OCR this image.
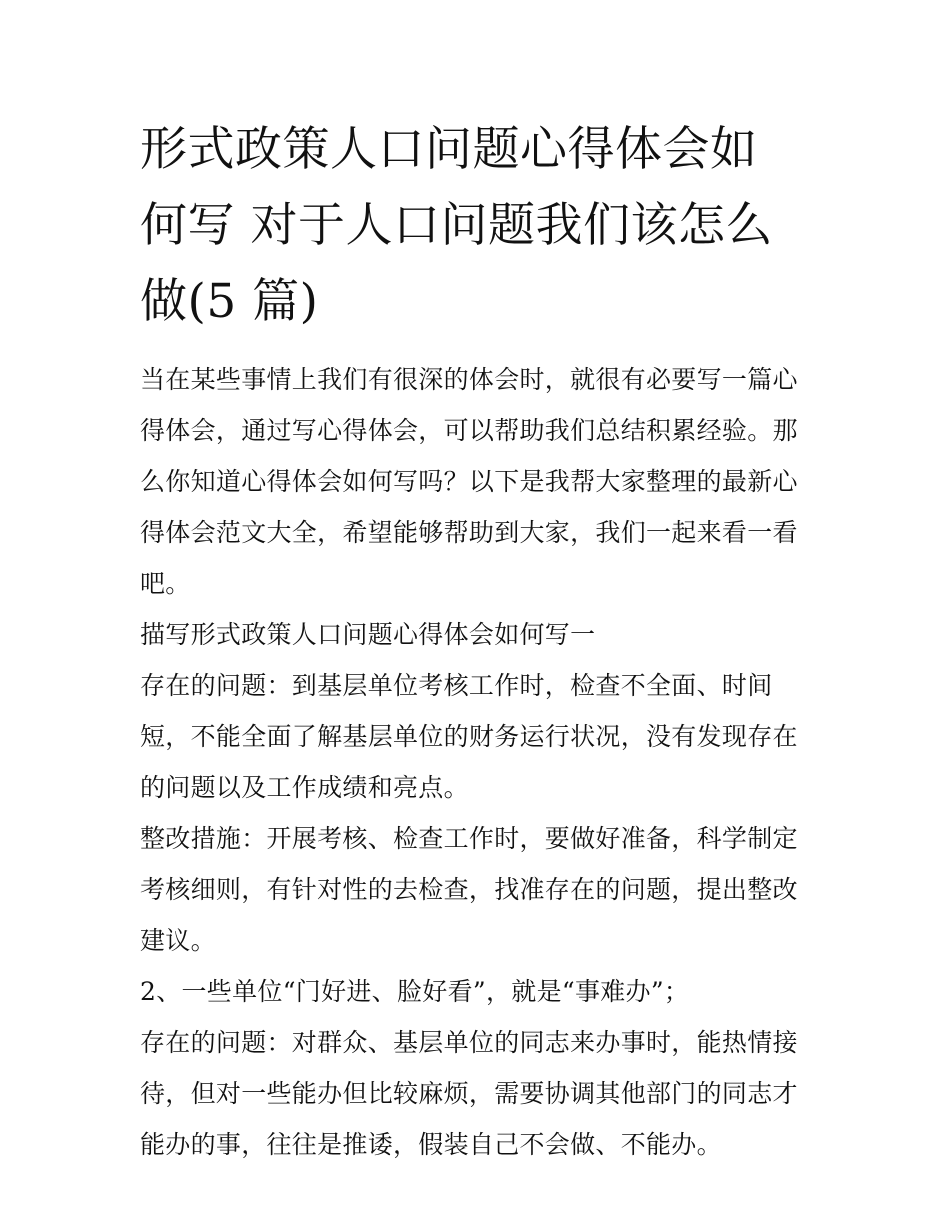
形式政策人口问题心得体会如
何写 对于人口问题我们该怎么
做(5 篇)

当在某些事情上我们有很深的体会时，就很有必要写一篇心得体会，通过写心得体会，可以帮助我们总结积累经验。那么你知道心得体会如何写吗？以下是我帮大家整理的最新心得体会范文大全，希望能够帮助到大家，我们一起来看一看吧。

描写形式政策人口问题心得体会如何写一

存在的问题：到基层单位考核工作时，检查不全面、时间短，不能全面了解基层单位的财务运行状况，没有发现存在的问题以及工作成绩和亮点。

整改措施：开展考核、检查工作时，要做好准备，科学制定考核细则，有针对性的去检查，找准存在的问题，提出整改建议。

2、一些单位“门好进、脸好看”，就是“事难办”；

存在的问题：对群众、基层单位的同志来办事时，能热情接待，但对一些能办但比较麻烦，需要协调其他部门的同志才能办的事，往往是推诿，假装自己不会做、不能办。
